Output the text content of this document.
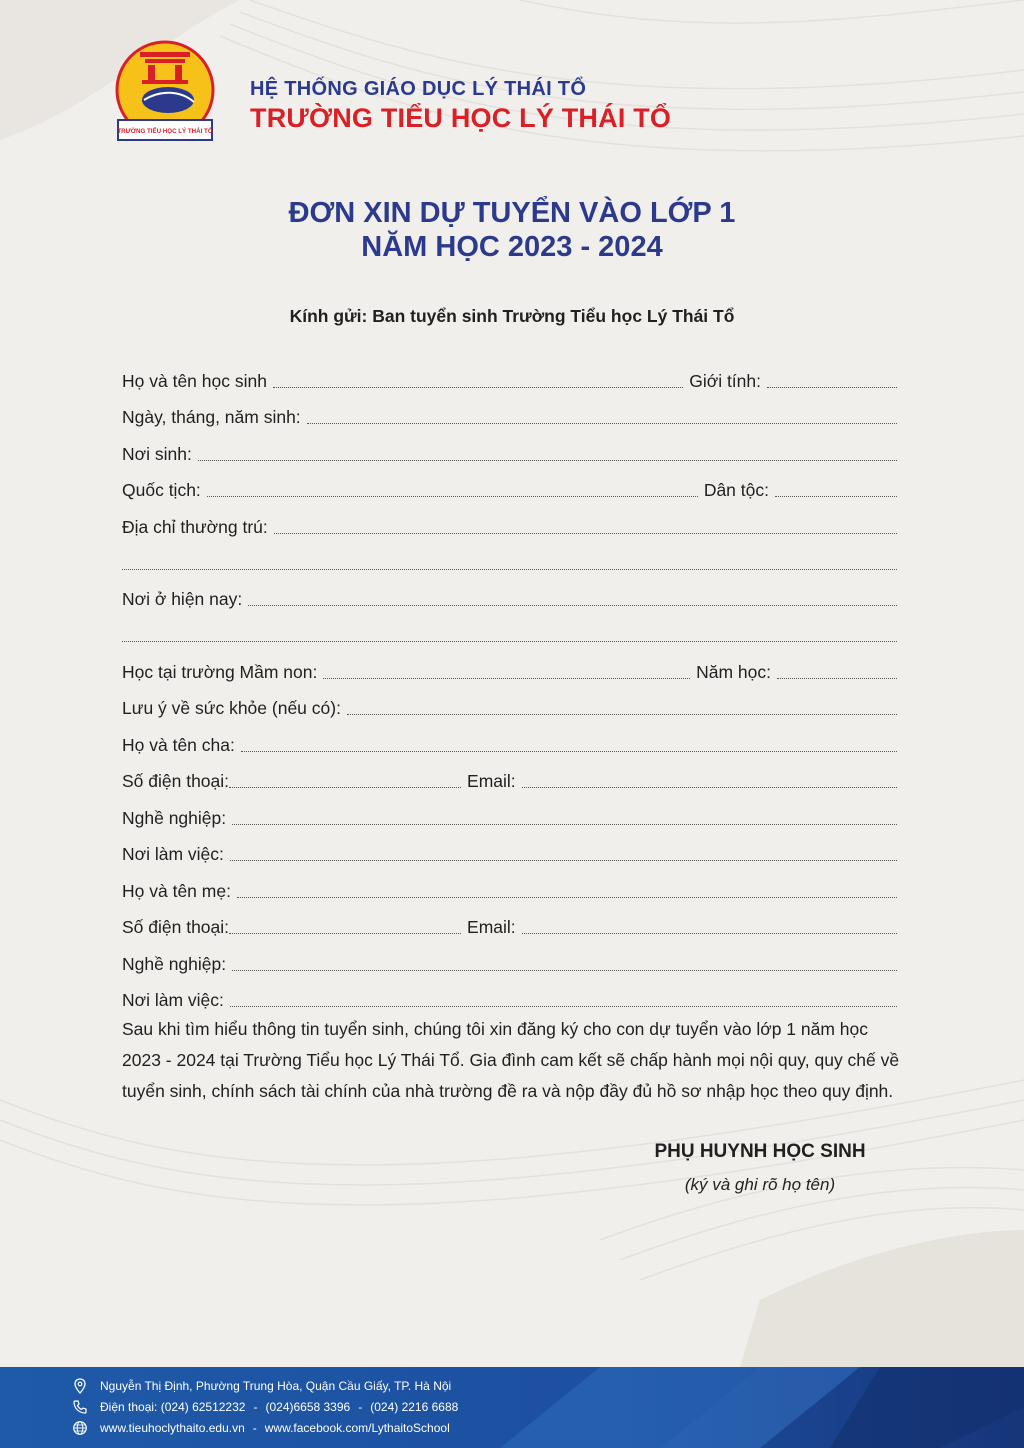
TRƯỜNG TIỂU HỌC LÝ THÁI TỔ
HỆ THỐNG GIÁO DỤC LÝ THÁI TỔ
TRƯỜNG TIỂU HỌC LÝ THÁI TỔ
ĐƠN XIN DỰ TUYỂN VÀO LỚP 1
NĂM HỌC 2023 - 2024
Kính gửi: Ban tuyển sinh Trường Tiểu học Lý Thái Tổ
Họ và tên học sinh	Giới tính:
Ngày, tháng, năm sinh:
Nơi sinh:
Quốc tịch:	Dân tộc:
Địa chỉ thường trú:
Nơi ở hiện nay:
Học tại trường Mầm non:	Năm học:
Lưu ý về sức khỏe (nếu có):
Họ và tên cha:
Số điện thoại:	Email:
Nghề nghiệp:
Nơi làm việc:
Họ và tên mẹ:
Số điện thoại:	Email:
Nghề nghiệp:
Nơi làm việc:
Sau khi tìm hiểu thông tin tuyển sinh, chúng tôi xin đăng ký cho con dự tuyển vào lớp 1 năm học 2023 - 2024 tại Trường Tiểu học Lý Thái Tổ. Gia đình cam kết sẽ chấp hành mọi nội quy, quy chế về tuyển sinh, chính sách tài chính của nhà trường đề ra và nộp đầy đủ hồ sơ nhập học theo quy định.
PHỤ HUYNH HỌC SINH
(ký và ghi rõ họ tên)
Nguyễn Thị Định, Phường Trung Hòa, Quận Cầu Giấy, TP. Hà Nội
Điện thoại:
(024) 62512232 - (024)6658 3396 - (024) 2216 6688
www.tieuhoclythaito.edu.vn - www.facebook.com/LythaitoSchool
